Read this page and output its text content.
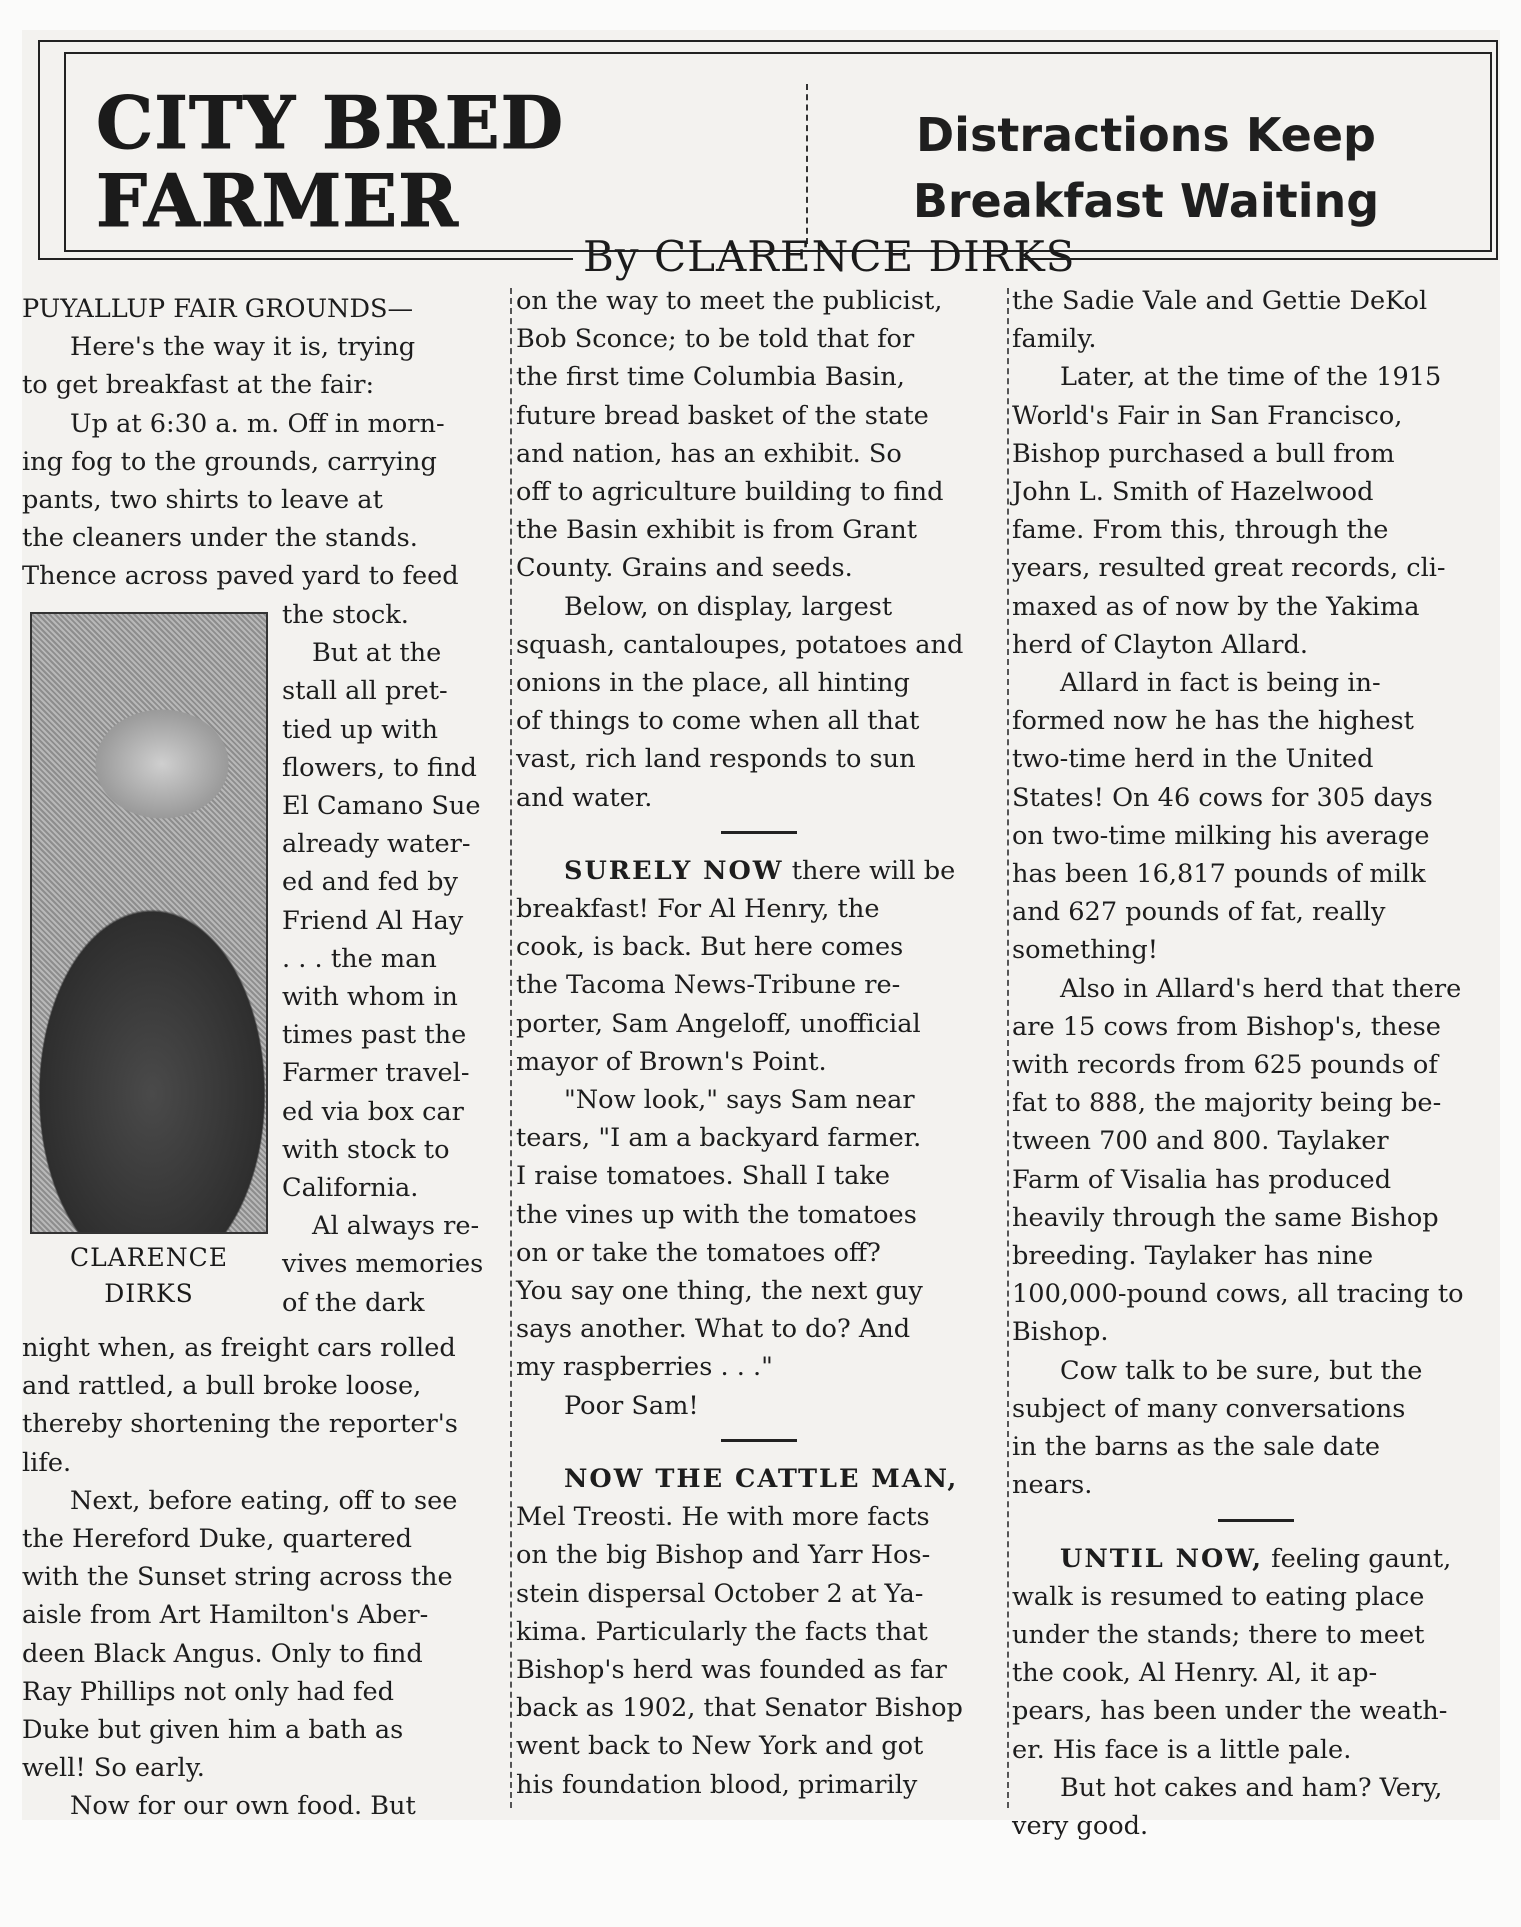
CITY BRED
FARMER
Distractions Keep
Breakfast Waiting
By CLARENCE DIRKS

PUYALLUP FAIR GROUNDS—

Here's the way it is, trying

to get breakfast at the fair:

Up at 6:30 a. m. Off in morn-

ing fog to the grounds, carrying

pants, two shirts to leave at

the cleaners under the stands.

Thence across paved yard to feed

CLARENCE
DIRKS

the stock.

But at the

stall all pret-

tied up with

flowers, to find

El Camano Sue

already water-

ed and fed by

Friend Al Hay

. . . the man

with whom in

times past the

Farmer travel-

ed via box car

with stock to

California.

Al always re-

vives memories

of the dark

night when, as freight cars rolled

and rattled, a bull broke loose,

thereby shortening the reporter's

life.

Next, before eating, off to see

the Hereford Duke, quartered

with the Sunset string across the

aisle from Art Hamilton's Aber-

deen Black Angus. Only to find

Ray Phillips not only had fed

Duke but given him a bath as

well! So early.

Now for our own food. But

on the way to meet the publicist,

Bob Sconce; to be told that for

the first time Columbia Basin,

future bread basket of the state

and nation, has an exhibit. So

off to agriculture building to find

the Basin exhibit is from Grant

County. Grains and seeds.

Below, on display, largest

squash, cantaloupes, potatoes and

onions in the place, all hinting

of things to come when all that

vast, rich land responds to sun

and water.

SURELY NOW there will be

breakfast! For Al Henry, the

cook, is back. But here comes

the Tacoma News-Tribune re-

porter, Sam Angeloff, unofficial

mayor of Brown's Point.

"Now look," says Sam near

tears, "I am a backyard farmer.

I raise tomatoes. Shall I take

the vines up with the tomatoes

on or take the tomatoes off?

You say one thing, the next guy

says another. What to do? And

my raspberries . . ."

Poor Sam!

NOW THE CATTLE MAN,

Mel Treosti. He with more facts

on the big Bishop and Yarr Hos-

stein dispersal October 2 at Ya-

kima. Particularly the facts that

Bishop's herd was founded as far

back as 1902, that Senator Bishop

went back to New York and got

his foundation blood, primarily

the Sadie Vale and Gettie DeKol

family.

Later, at the time of the 1915

World's Fair in San Francisco,

Bishop purchased a bull from

John L. Smith of Hazelwood

fame. From this, through the

years, resulted great records, cli-

maxed as of now by the Yakima

herd of Clayton Allard.

Allard in fact is being in-

formed now he has the highest

two-time herd in the United

States! On 46 cows for 305 days

on two-time milking his average

has been 16,817 pounds of milk

and 627 pounds of fat, really

something!

Also in Allard's herd that there

are 15 cows from Bishop's, these

with records from 625 pounds of

fat to 888, the majority being be-

tween 700 and 800. Taylaker

Farm of Visalia has produced

heavily through the same Bishop

breeding. Taylaker has nine

100,000-pound cows, all tracing to

Bishop.

Cow talk to be sure, but the

subject of many conversations

in the barns as the sale date

nears.

UNTIL NOW, feeling gaunt,

walk is resumed to eating place

under the stands; there to meet

the cook, Al Henry. Al, it ap-

pears, has been under the weath-

er. His face is a little pale.

But hot cakes and ham? Very,

very good.
